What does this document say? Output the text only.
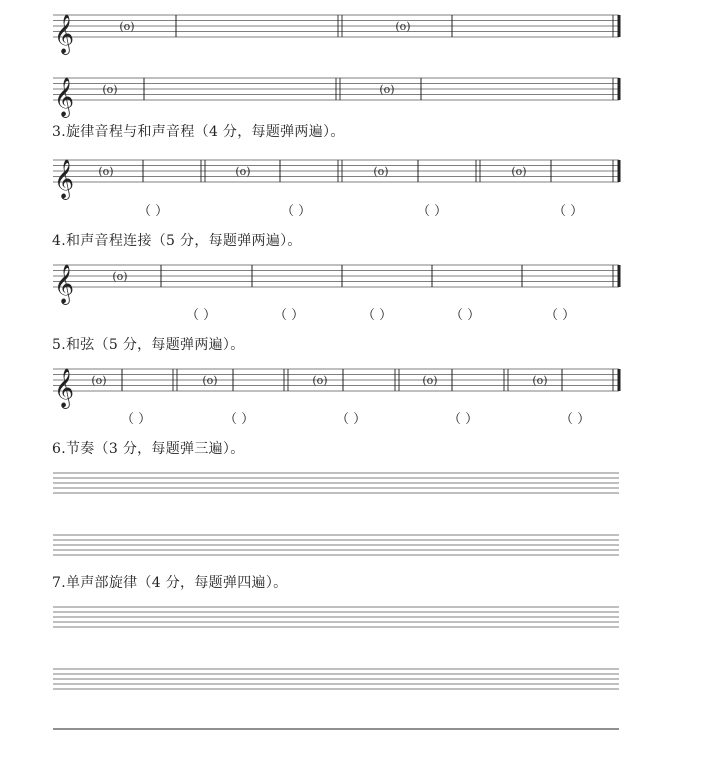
𝄞	(o)	(o)
𝄞	(o)	(o)
𝄞 (o)	(o)	(o)	(o)
𝄞	(o)
𝄞 (o)	(o)	(o)	(o)	(o)
3.旋律音程与和声音程（4 分，每题弹两遍）。
4.和声音程连接（5 分，每题弹两遍）。
5.和弦（5 分，每题弹两遍）。
6.节奏（3 分，每题弹三遍）。
7.单声部旋律（4 分，每题弹四遍）。
（ ）	（ ）	（ ）	（ ）
（ ）	（ ）	（ ）	（ ）	（ ）
（ ）	（ ）	（ ）	（ ）	（ ）
